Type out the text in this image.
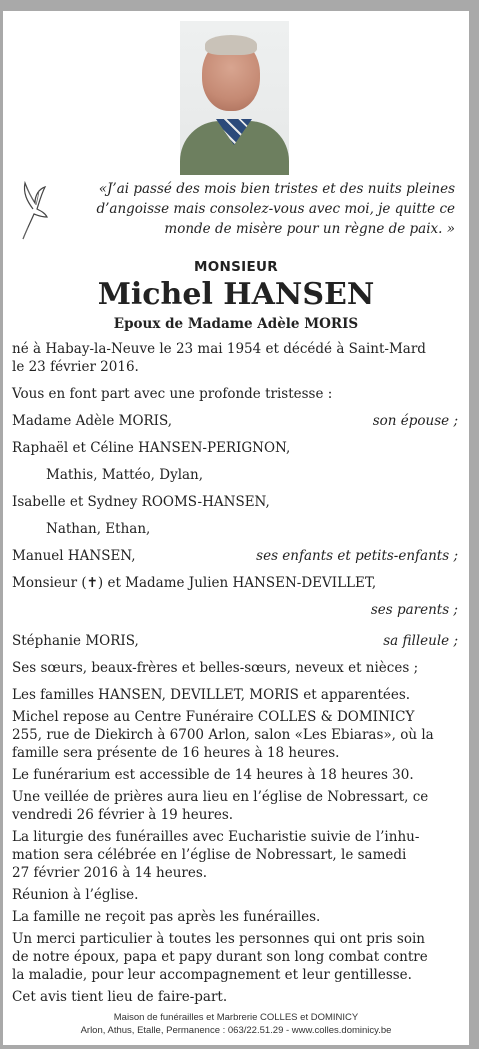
«J’ai passé des mois bien tristes et des nuits pleines
d’angoisse mais consolez-vous avec moi, je quitte ce
monde de misère pour un règne de paix. »
MONSIEUR
Michel HANSEN
Epoux de Madame Adèle MORIS

né à Habay-la-Neuve le 23 mai 1954 et décédé à Saint-Mard

le 23 février 2016.

Vous en font part avec une profonde tristesse :

Madame Adèle MORIS,	son épouse ;

Raphaël et Céline HANSEN-PERIGNON,

Mathis, Mattéo, Dylan,

Isabelle et Sydney ROOMS-HANSEN,

Nathan, Ethan,

Manuel HANSEN,	ses enfants et petits-enfants ;

Monsieur (✝) et Madame Julien HANSEN-DEVILLET,

ses parents ;

Stéphanie MORIS,	sa filleule ;

Ses sœurs, beaux-frères et belles-sœurs, neveux et nièces ;

Les familles HANSEN, DEVILLET, MORIS et apparentées.

Michel repose au Centre Funéraire COLLES & DOMINICY

255, rue de Diekirch à 6700 Arlon, salon «Les Ebiaras», où la

famille sera présente de 16 heures à 18 heures.

Le funérarium est accessible de 14 heures à 18 heures 30.

Une veillée de prières aura lieu en l’église de Nobressart, ce

vendredi 26 février à 19 heures.

La liturgie des funérailles avec Eucharistie suivie de l’inhu-

mation sera célébrée en l’église de Nobressart, le samedi

27 février 2016 à 14 heures.

Réunion à l’église.

La famille ne reçoit pas après les funérailles.

Un merci particulier à toutes les personnes qui ont pris soin

de notre époux, papa et papy durant son long combat contre

la maladie, pour leur accompagnement et leur gentillesse.

Cet avis tient lieu de faire-part.

Maison de funérailles et Marbrerie COLLES et DOMINICY
Arlon, Athus, Etalle, Permanence : 063/22.51.29 - www.colles.dominicy.be
